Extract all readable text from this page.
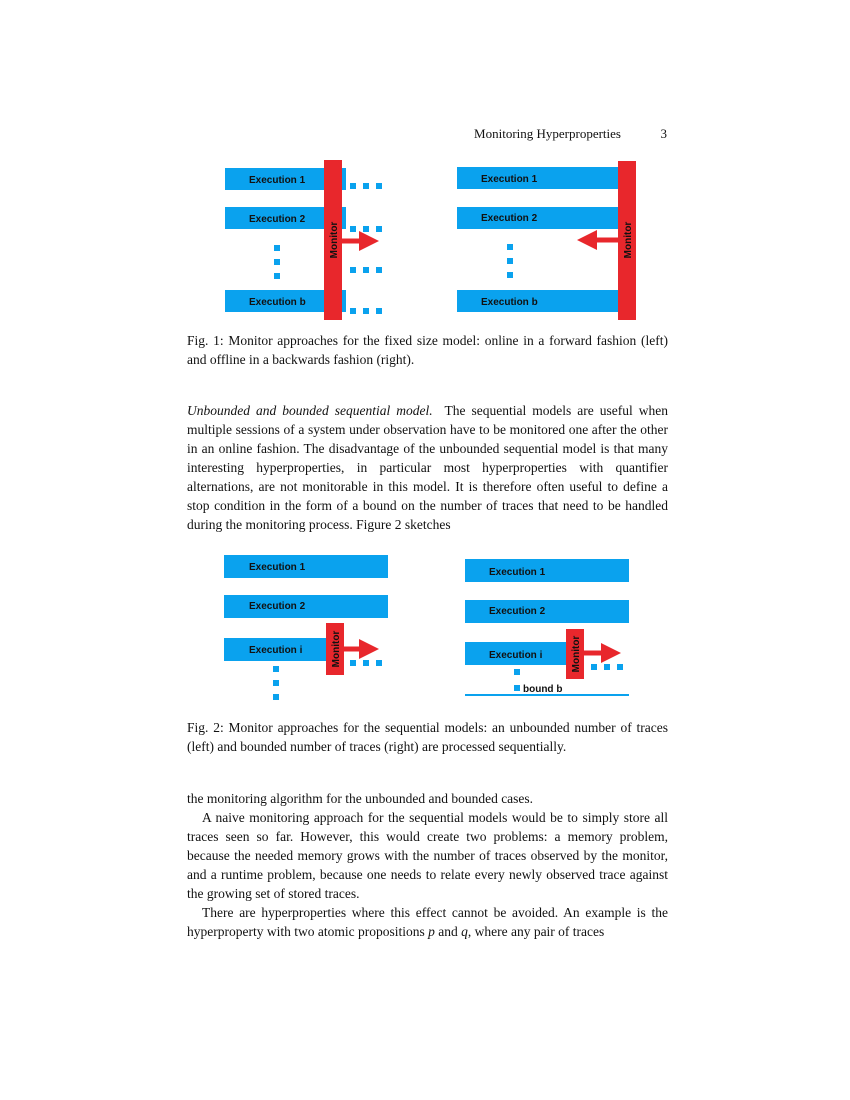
Monitoring Hyperproperties	3
Execution 1
Execution 2
Execution b
Monitor
Execution 1
Execution 2
Execution b
Monitor
Execution 1
Execution 2
Execution i	Monitor
Execution 1
Execution 2
Execution i
bound b
Monitor
Fig. 1: Monitor approaches for the fixed size model: online in a forward fashion (left) and offline in a backwards fashion (right).

Unbounded and bounded sequential model. The sequential models are useful when multiple sessions of a system under observation have to be monitored one after the other in an online fashion. The disadvantage of the unbounded sequential model is that many interesting hyperproperties, in particular most hyperproperties with quantifier alternations, are not monitorable in this model. It is therefore often useful to define a stop condition in the form of a bound on the number of traces that need to be handled during the monitoring process. Figure 2 sketches

Fig. 2: Monitor approaches for the sequential models: an unbounded number of traces (left) and bounded number of traces (right) are processed sequentially.

the monitoring algorithm for the unbounded and bounded cases.

A naive monitoring approach for the sequential models would be to simply store all traces seen so far. However, this would create two problems: a memory problem, because the needed memory grows with the number of traces observed by the monitor, and a runtime problem, because one needs to relate every newly observed trace against the growing set of stored traces.

There are hyperproperties where this effect cannot be avoided. An example is the hyperproperty with two atomic propositions p and q, where any pair of traces
